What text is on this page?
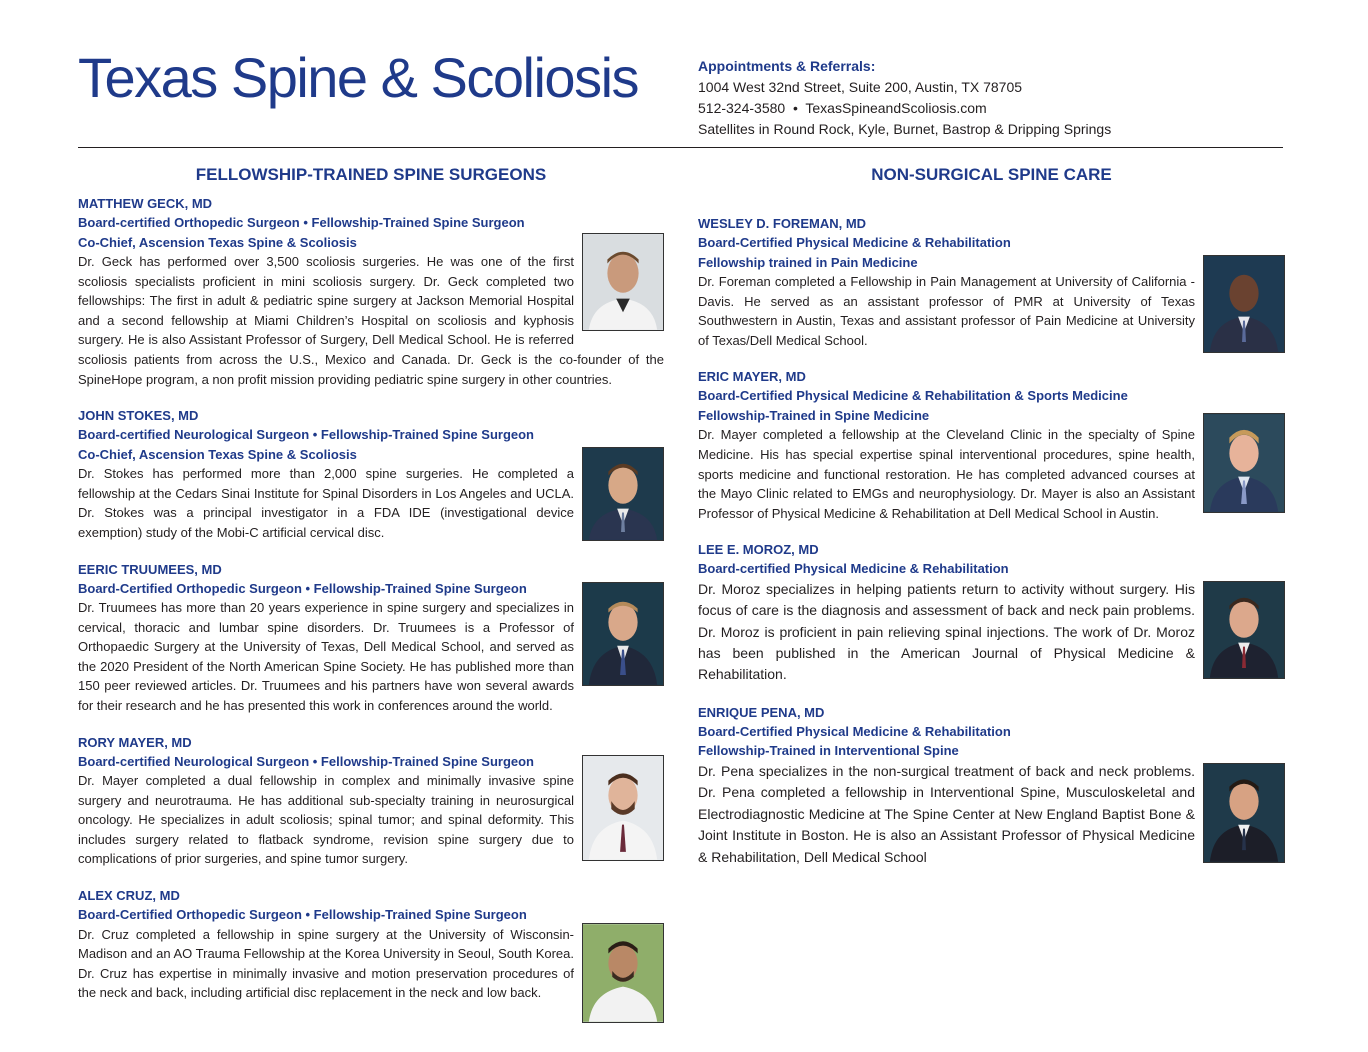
Texas Spine & Scoliosis	Appointments & Referrals:
1004 West 32nd Street, Suite 200, Austin, TX 78705
512-324-3580  •  TexasSpineandScoliosis.com
Satellites in Round Rock, Kyle, Burnet, Bastrop & Dripping Springs
FELLOWSHIP-TRAINED SPINE SURGEONS
MATTHEW GECK, MD
Board-certified Orthopedic Surgeon • Fellowship-Trained Spine Surgeon
Co-Chief, Ascension Texas Spine & Scoliosis

Dr. Geck has performed over 3,500 scoliosis surgeries. He was one of the first scoliosis specialists proficient in mini scoliosis surgery. Dr. Geck completed two fellowships: The first in adult & pediatric spine surgery at Jackson Memorial Hospital and a second fellowship at Miami Children’s Hospital on scoliosis and kyphosis surgery. He is also Assistant Professor of Surgery, Dell Medical School. He is referred scoliosis patients from across the U.S., Mexico and Canada. Dr. Geck is the co-founder of the SpineHope program, a non profit mission providing pediatric spine surgery in other countries.

JOHN STOKES, MD
Board-certified Neurological Surgeon • Fellowship-Trained Spine Surgeon
Co-Chief, Ascension Texas Spine & Scoliosis

Dr. Stokes has performed more than 2,000 spine surgeries. He completed a fellowship at the Cedars Sinai Institute for Spinal Disorders in Los Angeles and UCLA. Dr. Stokes was a principal investigator in a FDA IDE (investigational device exemption) study of the Mobi-C artificial cervical disc.

EERIC TRUUMEES, MD
Board-Certified Orthopedic Surgeon • Fellowship-Trained Spine Surgeon

Dr. Truumees has more than 20 years experience in spine surgery and specializes in cervical, thoracic and lumbar spine disorders. Dr. Truumees is a Professor of Orthopaedic Surgery at the University of Texas, Dell Medical School, and served as the 2020 President of the North American Spine Society. He has published more than 150 peer reviewed articles. Dr. Truumees and his partners have won several awards for their research and he has presented this work in conferences around the world.

RORY MAYER, MD
Board-certified Neurological Surgeon • Fellowship-Trained Spine Surgeon

Dr. Mayer completed a dual fellowship in complex and minimally invasive spine surgery and neurotrauma. He has additional sub-specialty training in neurosurgical oncology. He specializes in adult scoliosis; spinal tumor; and spinal deformity. This includes surgery related to flatback syndrome, revision spine surgery due to complications of prior surgeries, and spine tumor surgery.

ALEX CRUZ, MD
Board-Certified Orthopedic Surgeon • Fellowship-Trained Spine Surgeon

Dr. Cruz completed a fellowship in spine surgery at the University of Wisconsin-Madison and an AO Trauma Fellowship at the Korea University in Seoul, South Korea. Dr. Cruz has expertise in minimally invasive and motion preservation procedures of the neck and back, including artificial disc replacement in the neck and low back.

NON-SURGICAL SPINE CARE
WESLEY D. FOREMAN, MD
Board-Certified Physical Medicine & Rehabilitation
Fellowship trained in Pain Medicine

Dr. Foreman completed a Fellowship in Pain Management at University of California - Davis. He served as an assistant professor of PMR at University of Texas Southwestern in Austin, Texas and assistant professor of Pain Medicine at University of Texas/Dell Medical School.

ERIC MAYER, MD
Board-Certified Physical Medicine & Rehabilitation & Sports Medicine
Fellowship-Trained in Spine Medicine

Dr. Mayer completed a fellowship at the Cleveland Clinic in the specialty of Spine Medicine. His has special expertise spinal interventional procedures, spine health, sports medicine and functional restoration. He has completed advanced courses at the Mayo Clinic related to EMGs and neurophysiology. Dr. Mayer is also an Assistant Professor of Physical Medicine & Rehabilitation at Dell Medical School in Austin.

LEE E. MOROZ, MD
Board-certified Physical Medicine & Rehabilitation

Dr. Moroz specializes in helping patients return to activity without surgery. His focus of care is the diagnosis and assessment of back and neck pain problems. Dr. Moroz is proficient in pain relieving spinal injections. The work of Dr. Moroz has been published in the American Journal of Physical Medicine & Rehabilitation.

ENRIQUE PENA, MD
Board-Certified Physical Medicine & Rehabilitation
Fellowship-Trained in Interventional Spine

Dr. Pena specializes in the non-surgical treatment of back and neck problems. Dr. Pena completed a fellowship in Interventional Spine, Musculoskeletal and Electrodiagnostic Medicine at The Spine Center at New England Baptist Bone & Joint Institute in Boston. He is also an Assistant Professor of Physical Medicine & Rehabilitation, Dell Medical School
